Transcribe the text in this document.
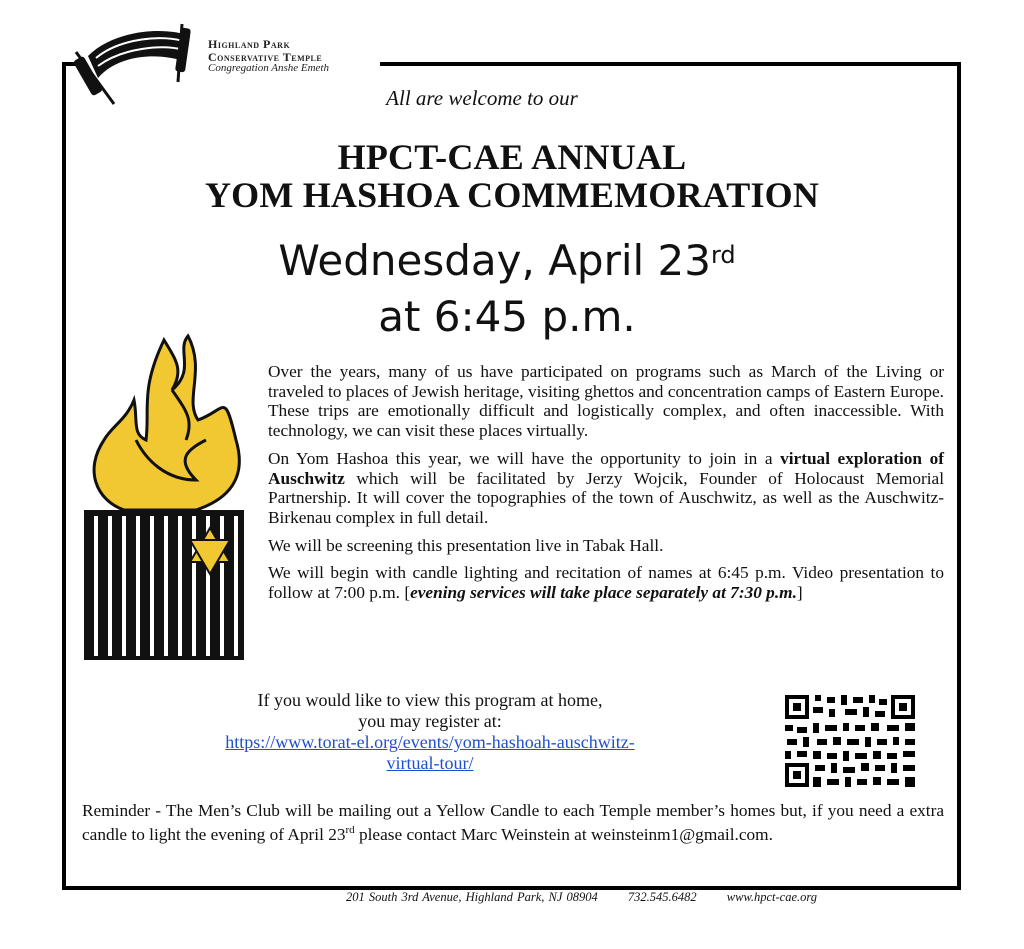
Highland Park
Conservative Temple
Congregation Anshe Emeth
All are welcome to our
HPCT-CAE ANNUAL
YOM HASHOA COMMEMORATION
Wednesday, April 23rd
at 6:45 p.m.

Over the years, many of us have participated on programs such as March of the Living or traveled to places of Jewish heritage, visiting ghettos and concentration camps of Eastern Europe. These trips are emotionally difficult and logistically complex, and often inaccessible. With technology, we can visit these places virtually.

On Yom Hashoa this year, we will have the opportunity to join in a virtual exploration of Auschwitz which will be facilitated by Jerzy Wojcik, Founder of Holocaust Memorial Partnership. It will cover the topographies of the town of Auschwitz, as well as the Auschwitz-Birkenau complex in full detail.

We will be screening this presentation live in Tabak Hall.

We will begin with candle lighting and recitation of names at 6:45 p.m. Video presentation to follow at 7:00 p.m. [evening services will take place separately at 7:30 p.m.]

If you would like to view this program at home,
you may register at:
https://www.torat-el.org/events/yom-hashoah-auschwitz-
virtual-tour/
Reminder - The Men’s Club will be mailing out a Yellow Candle to each Temple member’s homes but, if you need a extra candle to light the evening of April 23rd please contact Marc Weinstein at weinsteinm1@gmail.com.
201 South 3rd Avenue, Highland Park, NJ 08904 732.545.6482 www.hpct-cae.org
